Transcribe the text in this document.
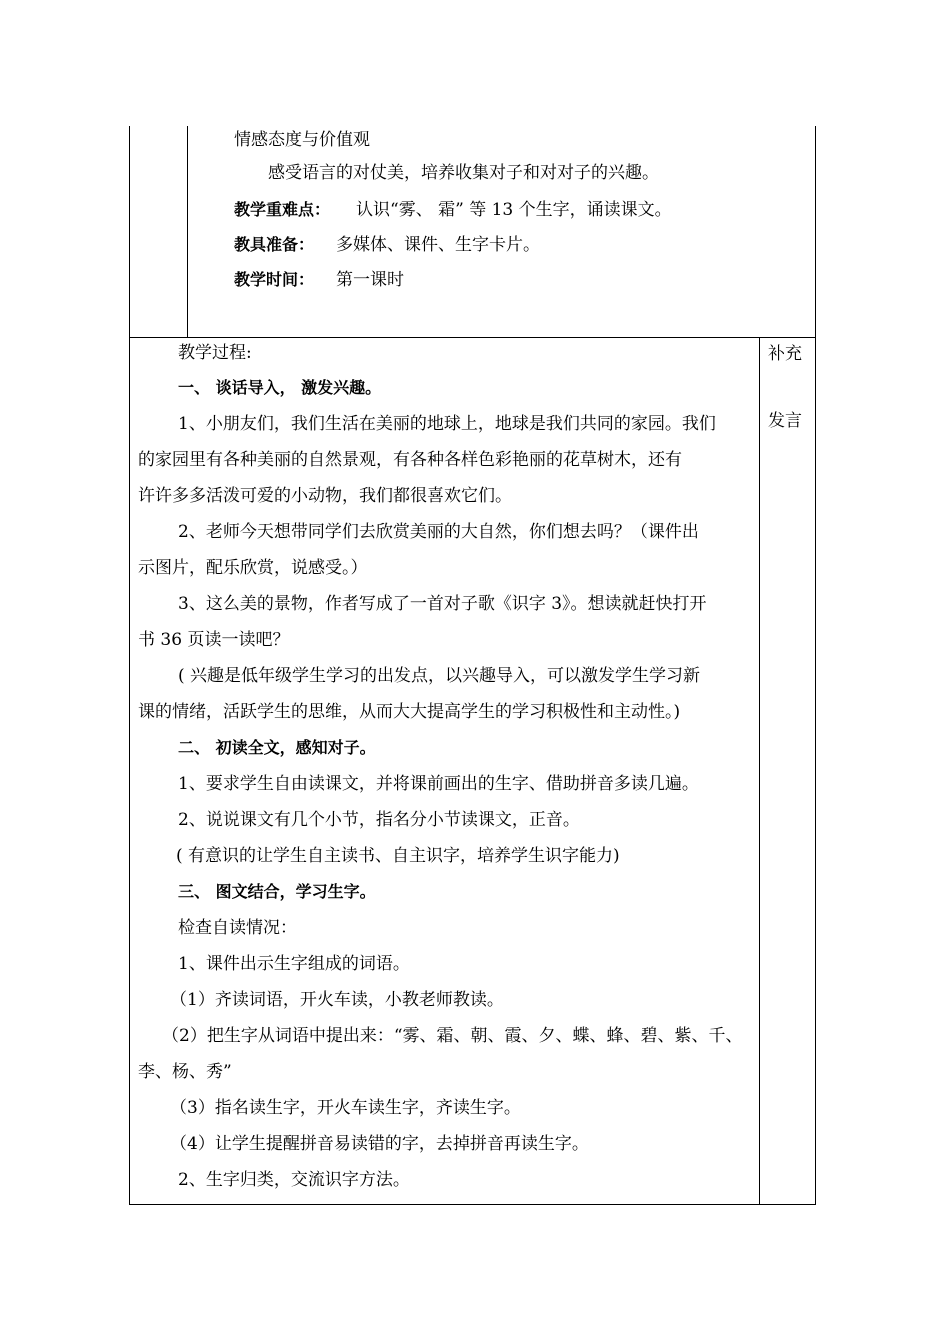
情感态度与价值观
感受语言的对仗美，培养收集对子和对对子的兴趣。
教学重难点： 认识“雾、 霜” 等 13 个生字，诵读课文。
教具准备： 多媒体、课件、生字卡片。
教学时间： 第一课时
补充
发言
教学过程:
一、 谈话导入， 激发兴趣。
1、小朋友们，我们生活在美丽的地球上，地球是我们共同的家园。我们
的家园里有各种美丽的自然景观，有各种各样色彩艳丽的花草树木，还有
许许多多活泼可爱的小动物，我们都很喜欢它们。
2、老师今天想带同学们去欣赏美丽的大自然，你们想去吗？（课件出
示图片，配乐欣赏，说感受。）
3、这么美的景物，作者写成了一首对子歌《识字 3》。想读就赶快打开
书 36 页读一读吧？
( 兴趣是低年级学生学习的出发点，以兴趣导入，可以激发学生学习新
课的情绪，活跃学生的思维，从而大大提高学生的学习积极性和主动性。)
二、 初读全文，感知对子。
1、要求学生自由读课文，并将课前画出的生字、借助拼音多读几遍。
2、说说课文有几个小节，指名分小节读课文，正音。
( 有意识的让学生自主读书、自主识字，培养学生识字能力)
三、 图文结合，学习生字。
检查自读情况：
1、课件出示生字组成的词语。
（1）齐读词语，开火车读，小教老师教读。
（2）把生字从词语中提出来：“雾、霜、朝、霞、夕、蝶、蜂、碧、紫、千、
李、杨、秀”
（3）指名读生字，开火车读生字，齐读生字。
（4）让学生提醒拼音易读错的字，去掉拼音再读生字。
2、生字归类，交流识字方法。
